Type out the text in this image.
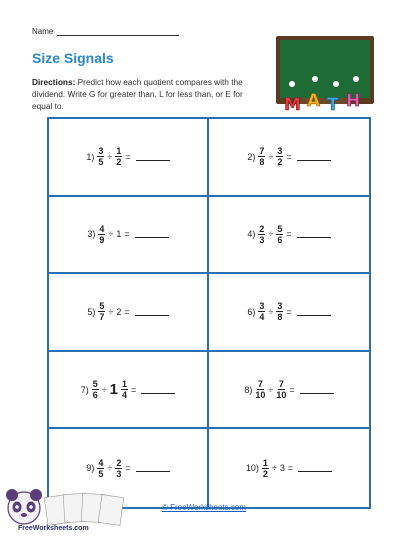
Name
Size Signals
Directions: Predict how each quotient compares with the dividend. Write G for greater than, L for less than, or E for equal to.	M A T H
$1) \frac{3}{5} \div \frac{1}{2}$ =	$2) \frac{7}{8} \div \frac{3}{2}$ =
$3) \frac{4}{9} \div 1$ =	$4) \frac{2}{3} \div \frac{5}{6}$ =
$5) \frac{5}{7} \div 2$ =	$6) \frac{3}{4} \div \frac{3}{8}$ =
$7) \frac{5}{6} \div 1 \frac{1}{4}$ =	$8) \frac{7}{10} \div \frac{7}{10}$ =
$9) \frac{4}{5} \div \frac{2}{3}$ =	$10) \frac{1}{2} \div 3$ =
FreeWorksheets.com
© FreeWorksheets.com
